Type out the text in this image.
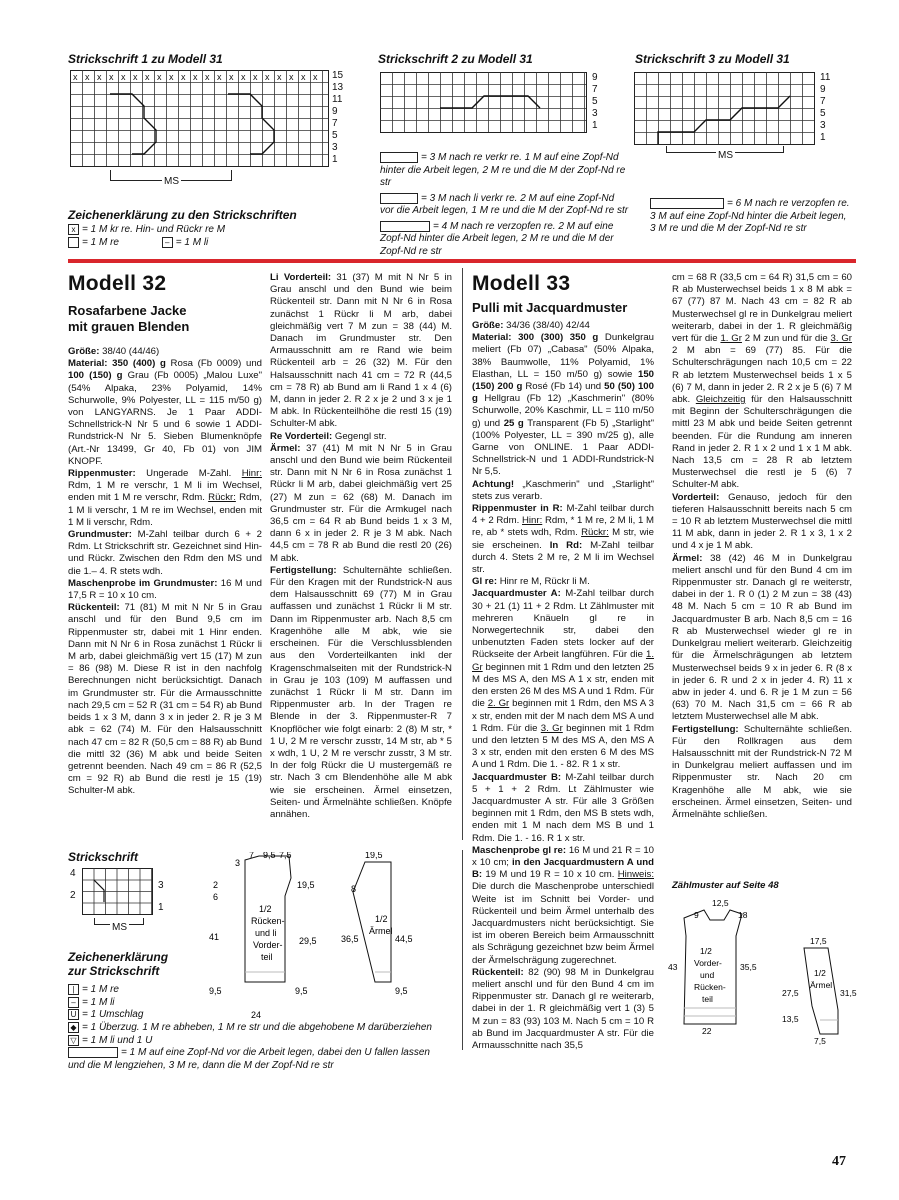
Strickschrift 1 zu Modell 31	Strickschrift 2 zu Modell 31	Strickschrift 3 zu Modell 31
x x x x x x x x x x x x x x x x x x x x x 15
13
11
9
7
5
3
1
MS
9
7
5
3
1
11
9
7
5
3
1
MS
= 3 M nach re verkr re. 1 M auf eine Zopf-Nd hinter die Arbeit legen, 2 M re und die M der Zopf-Nd re str
= 3 M nach li verkr re. 2 M auf eine Zopf-Nd vor die Arbeit legen, 1 M re und die M der Zopf-Nd re str
= 4 M nach re verzopfen re. 2 M auf eine Zopf-Nd hinter die Arbeit legen, 2 M re und die M der Zopf-Nd re str
= 6 M nach re verzopfen re. 3 M auf eine Zopf-Nd hinter die Arbeit legen, 3 M re und die M der Zopf-Nd re str
Zeichenerklärung zu den Strickschriften
x = 1 M kr re. Hin- und Rückr re M
= 1 M re	– = 1 M li
Modell 32
Rosafarbene Jacke
mit grauen Blenden

Größe: 38/40 (44/46)

Material: 350 (400) g Rosa (Fb 0009) und 100 (150) g Grau (Fb 0005) „Malou Luxe" (54% Alpaka, 23% Polyamid, 14% Schurwolle, 9% Polyester, LL = 115 m/50 g) von LANGYARNS. Je 1 Paar ADDI-Schnellstrick-N Nr 5 und 6 sowie 1 ADDI-Rundstrick-N Nr 5. Sieben Blumenknöpfe (Art.-Nr 13499, Gr 40, Fb 01) von JIM KNOPF.

Rippenmuster: Ungerade M-Zahl. Hinr: Rdm, 1 M re verschr, 1 M li im Wechsel, enden mit 1 M re verschr, Rdm. Rückr: Rdm, 1 M li verschr, 1 M re im Wechsel, enden mit 1 M li verschr, Rdm.

Grundmuster: M-Zahl teilbar durch 6 + 2 Rdm. Lt Strickschrift str. Gezeichnet sind Hin- und Rückr. Zwischen den Rdm den MS und die 1.– 4. R stets wdh.

Maschenprobe im Grundmuster: 16 M und 17,5 R = 10 x 10 cm.

Rückenteil: 71 (81) M mit N Nr 5 in Grau anschl und für den Bund 9,5 cm im Rippenmuster str, dabei mit 1 Hinr enden. Dann mit N Nr 6 in Rosa zunächst 1 Rückr li M arb, dabei gleichmäßig vert 15 (17) M zun = 86 (98) M. Diese R ist in den nachfolg Berechnungen nicht berücksichtigt. Danach im Grundmuster str. Für die Armausschnitte nach 29,5 cm = 52 R (31 cm = 54 R) ab Bund beids 1 x 3 M, dann 3 x in jeder 2. R je 3 M abk = 62 (74) M. Für den Halsausschnitt nach 47 cm = 82 R (50,5 cm = 88 R) ab Bund die mittl 32 (36) M abk und beide Seiten getrennt beenden. Nach 49 cm = 86 R (52,5 cm = 92 R) ab Bund die restl je 15 (19) Schulter-M abk.

Li Vorderteil: 31 (37) M mit N Nr 5 in Grau anschl und den Bund wie beim Rückenteil str. Dann mit N Nr 6 in Rosa zunächst 1 Rückr li M arb, dabei gleichmäßig vert 7 M zun = 38 (44) M. Danach im Grundmuster str. Den Armausschnitt am re Rand wie beim Rückenteil arb = 26 (32) M. Für den Halsausschnitt nach 41 cm = 72 R (44,5 cm = 78 R) ab Bund am li Rand 1 x 4 (6) M, dann in jeder 2. R 2 x je 2 und 3 x je 1 M abk. In Rückenteilhöhe die restl 15 (19) Schulter-M abk.

Re Vorderteil: Gegengl str.

Ärmel: 37 (41) M mit N Nr 5 in Grau anschl und den Bund wie beim Rückenteil str. Dann mit N Nr 6 in Rosa zunächst 1 Rückr li M arb, dabei gleichmäßig vert 25 (27) M zun = 62 (68) M. Danach im Grundmuster str. Für die Armkugel nach 36,5 cm = 64 R ab Bund beids 1 x 3 M, dann 6 x in jeder 2. R je 3 M abk. Nach 44,5 cm = 78 R ab Bund die restl 20 (26) M abk.

Fertigstellung: Schulternähte schließen. Für den Kragen mit der Rundstrick-N aus dem Halsausschnitt 69 (77) M in Grau auffassen und zunächst 1 Rückr li M str. Dann im Rippenmuster arb. Nach 8,5 cm Kragenhöhe alle M abk, wie sie erscheinen. Für die Verschlussblenden aus den Vorderteilkanten inkl der Kragenschmalseiten mit der Rundstrick-N in Grau je 103 (109) M auffassen und zunächst 1 Rückr li M str. Dann im Rippenmuster arb. In der Tragen re Blende in der 3. Rippenmuster-R 7 Knopflöcher wie folgt einarb: 2 (8) M str, * 1 U, 2 M re verschr zusstr, 14 M str, ab * 5 x wdh, 1 U, 2 M re verschr zusstr, 3 M str. In der folg Rückr die U mustergemäß re str. Nach 3 cm Blendenhöhe alle M abk wie sie erscheinen. Ärmel einsetzen, Seiten- und Ärmelnähte schließen. Knöpfe annähen.

Strickschrift
4
2
3
1
MS
Zeichenerklärung
zur Strickschrift
| = 1 M re
– = 1 M li
U = 1 Umschlag
◆ = 1 Überzug. 1 M re abheben, 1 M re str und die abgehobene M darüberziehen
▽ = 1 M li und 1 U
= 1 M auf eine Zopf-Nd vor die Arbeit legen, dabei den U fallen lassen und die M lengziehen, 3 M re, dann die M der Zopf-Nd re str
1/2
Rücken-
und li
Vorder-
teil
1/2
Ärmel
3
7 9,5 7,5
2
6
19,5
41	29,5
9,5	9,5
24
19,5
8
36,5	44,5
9,5
Modell 33
Pulli mit Jacquardmuster

Größe: 34/36 (38/40) 42/44

Material: 300 (300) 350 g Dunkelgrau meliert (Fb 07) „Cabasa" (50% Alpaka, 38% Baumwolle, 11% Polyamid, 1% Elasthan, LL = 150 m/50 g) sowie 150 (150) 200 g Rosé (Fb 14) und 50 (50) 100 g Hellgrau (Fb 12) „Kaschmerin" (80% Schurwolle, 20% Kaschmir, LL = 110 m/50 g) und 25 g Transparent (Fb 5) „Starlight" (100% Polyester, LL = 390 m/25 g), alle Garne von ONLINE. 1 Paar ADDI-Schnellstrick-N und 1 ADDI-Rundstrick-N Nr 5,5.

Achtung! „Kaschmerin" und „Starlight" stets zus verarb.

Rippenmuster in R: M-Zahl teilbar durch 4 + 2 Rdm. Hinr: Rdm, * 1 M re, 2 M li, 1 M re, ab * stets wdh, Rdm. Rückr: M str, wie sie erscheinen. In Rd: M-Zahl teilbar durch 4. Stets 2 M re, 2 M li im Wechsel str.

Gl re: Hinr re M, Rückr li M.

Jacquardmuster A: M-Zahl teilbar durch 30 + 21 (1) 11 + 2 Rdm. Lt Zählmuster mit mehreren Knäueln gl re in Norwegertechnik str, dabei den unbenutzten Faden stets locker auf der Rückseite der Arbeit langführen. Für die 1. Gr beginnen mit 1 Rdm und den letzten 25 M des MS A, den MS A 1 x str, enden mit den ersten 26 M des MS A und 1 Rdm. Für die 2. Gr beginnen mit 1 Rdm, den MS A 3 x str, enden mit der M nach dem MS A und 1 Rdm. Für die 3. Gr beginnen mit 1 Rdm und den letzten 5 M des MS A, den MS A 3 x str, enden mit den ersten 6 M des MS A und 1 Rdm. Die 1. - 82. R 1 x str.

Jacquardmuster B: M-Zahl teilbar durch 5 + 1 + 2 Rdm. Lt Zählmuster wie Jacquardmuster A str. Für alle 3 Größen beginnen mit 1 Rdm, den MS B stets wdh, enden mit 1 M nach dem MS B und 1 Rdm. Die 1. - 16. R 1 x str.

Maschenprobe gl re: 16 M und 21 R = 10 x 10 cm; in den Jacquardmustern A und B: 19 M und 19 R = 10 x 10 cm. Hinweis: Die durch die Maschenprobe unterschiedl Weite ist im Schnitt bei Vorder- und Rückenteil und beim Ärmel unterhalb des Jacquardmusters nicht berücksichtigt. Sie ist im oberen Bereich beim Armausschnitt als Schrägung gezeichnet bzw beim Ärmel der Ärmelschrägung zugerechnet.

Rückenteil: 82 (90) 98 M in Dunkelgrau meliert anschl und für den Bund 4 cm im Rippenmuster str. Danach gl re weiterarb, dabei in der 1. R gleichmäßig vert 1 (3) 5 M zun = 83 (93) 103 M. Nach 5 cm = 10 R ab Bund im Jacquardmuster A str. Für die Armausschnitte nach 35,5

cm = 68 R (33,5 cm = 64 R) 31,5 cm = 60 R ab Musterwechsel beids 1 x 8 M abk = 67 (77) 87 M. Nach 43 cm = 82 R ab Musterwechsel gl re in Dunkelgrau meliert weiterarb, dabei in der 1. R gleichmäßig vert für die 1. Gr 2 M zun und für die 3. Gr 2 M abn = 69 (77) 85. Für die Schulterschrägungen nach 10,5 cm = 22 R ab letztem Musterwechsel beids 1 x 5 (6) 7 M, dann in jeder 2. R 2 x je 5 (6) 7 M abk. Gleichzeitig für den Halsausschnitt mit Beginn der Schulterschrägungen die mittl 23 M abk und beide Seiten getrennt beenden. Für die Rundung am inneren Rand in jeder 2. R 1 x 2 und 1 x 1 M abk. Nach 13,5 cm = 28 R ab letztem Musterwechsel die restl je 5 (6) 7 Schulter-M abk.

Vorderteil: Genauso, jedoch für den tieferen Halsausschnitt bereits nach 5 cm = 10 R ab letztem Musterwechsel die mittl 11 M abk, dann in jeder 2. R 1 x 3, 1 x 2 und 4 x je 1 M abk.

Ärmel: 38 (42) 46 M in Dunkelgrau meliert anschl und für den Bund 4 cm im Rippenmuster str. Danach gl re weiterstr, dabei in der 1. R 0 (1) 2 M zun = 38 (43) 48 M. Nach 5 cm = 10 R ab Bund im Jacquardmuster B arb. Nach 8,5 cm = 16 R ab Musterwechsel wieder gl re in Dunkelgrau meliert weiterarb. Gleichzeitig für die Ärmelschrägungen ab letztem Musterwechsel beids 9 x in jeder 6. R (8 x in jeder 6. R und 2 x in jeder 4. R) 11 x abw in jeder 4. und 6. R je 1 M zun = 56 (63) 70 M. Nach 31,5 cm = 66 R ab letztem Musterwechsel alle M abk.

Fertigstellung: Schulternähte schließen. Für den Rollkragen aus dem Halsausschnitt mit der Rundstrick-N 72 M in Dunkelgrau meliert auffassen und im Rippenmuster str. Nach 20 cm Kragenhöhe alle M abk, wie sie erscheinen. Ärmel einsetzen, Seiten- und Ärmelnähte schließen.

Zählmuster auf Seite 48
1/2
Vorder-
und
Rücken-
teil
1/2
Ärmel
12,5
9	18
43	35,5
22
17,5
27,5	31,5
13,5
7,5
47
